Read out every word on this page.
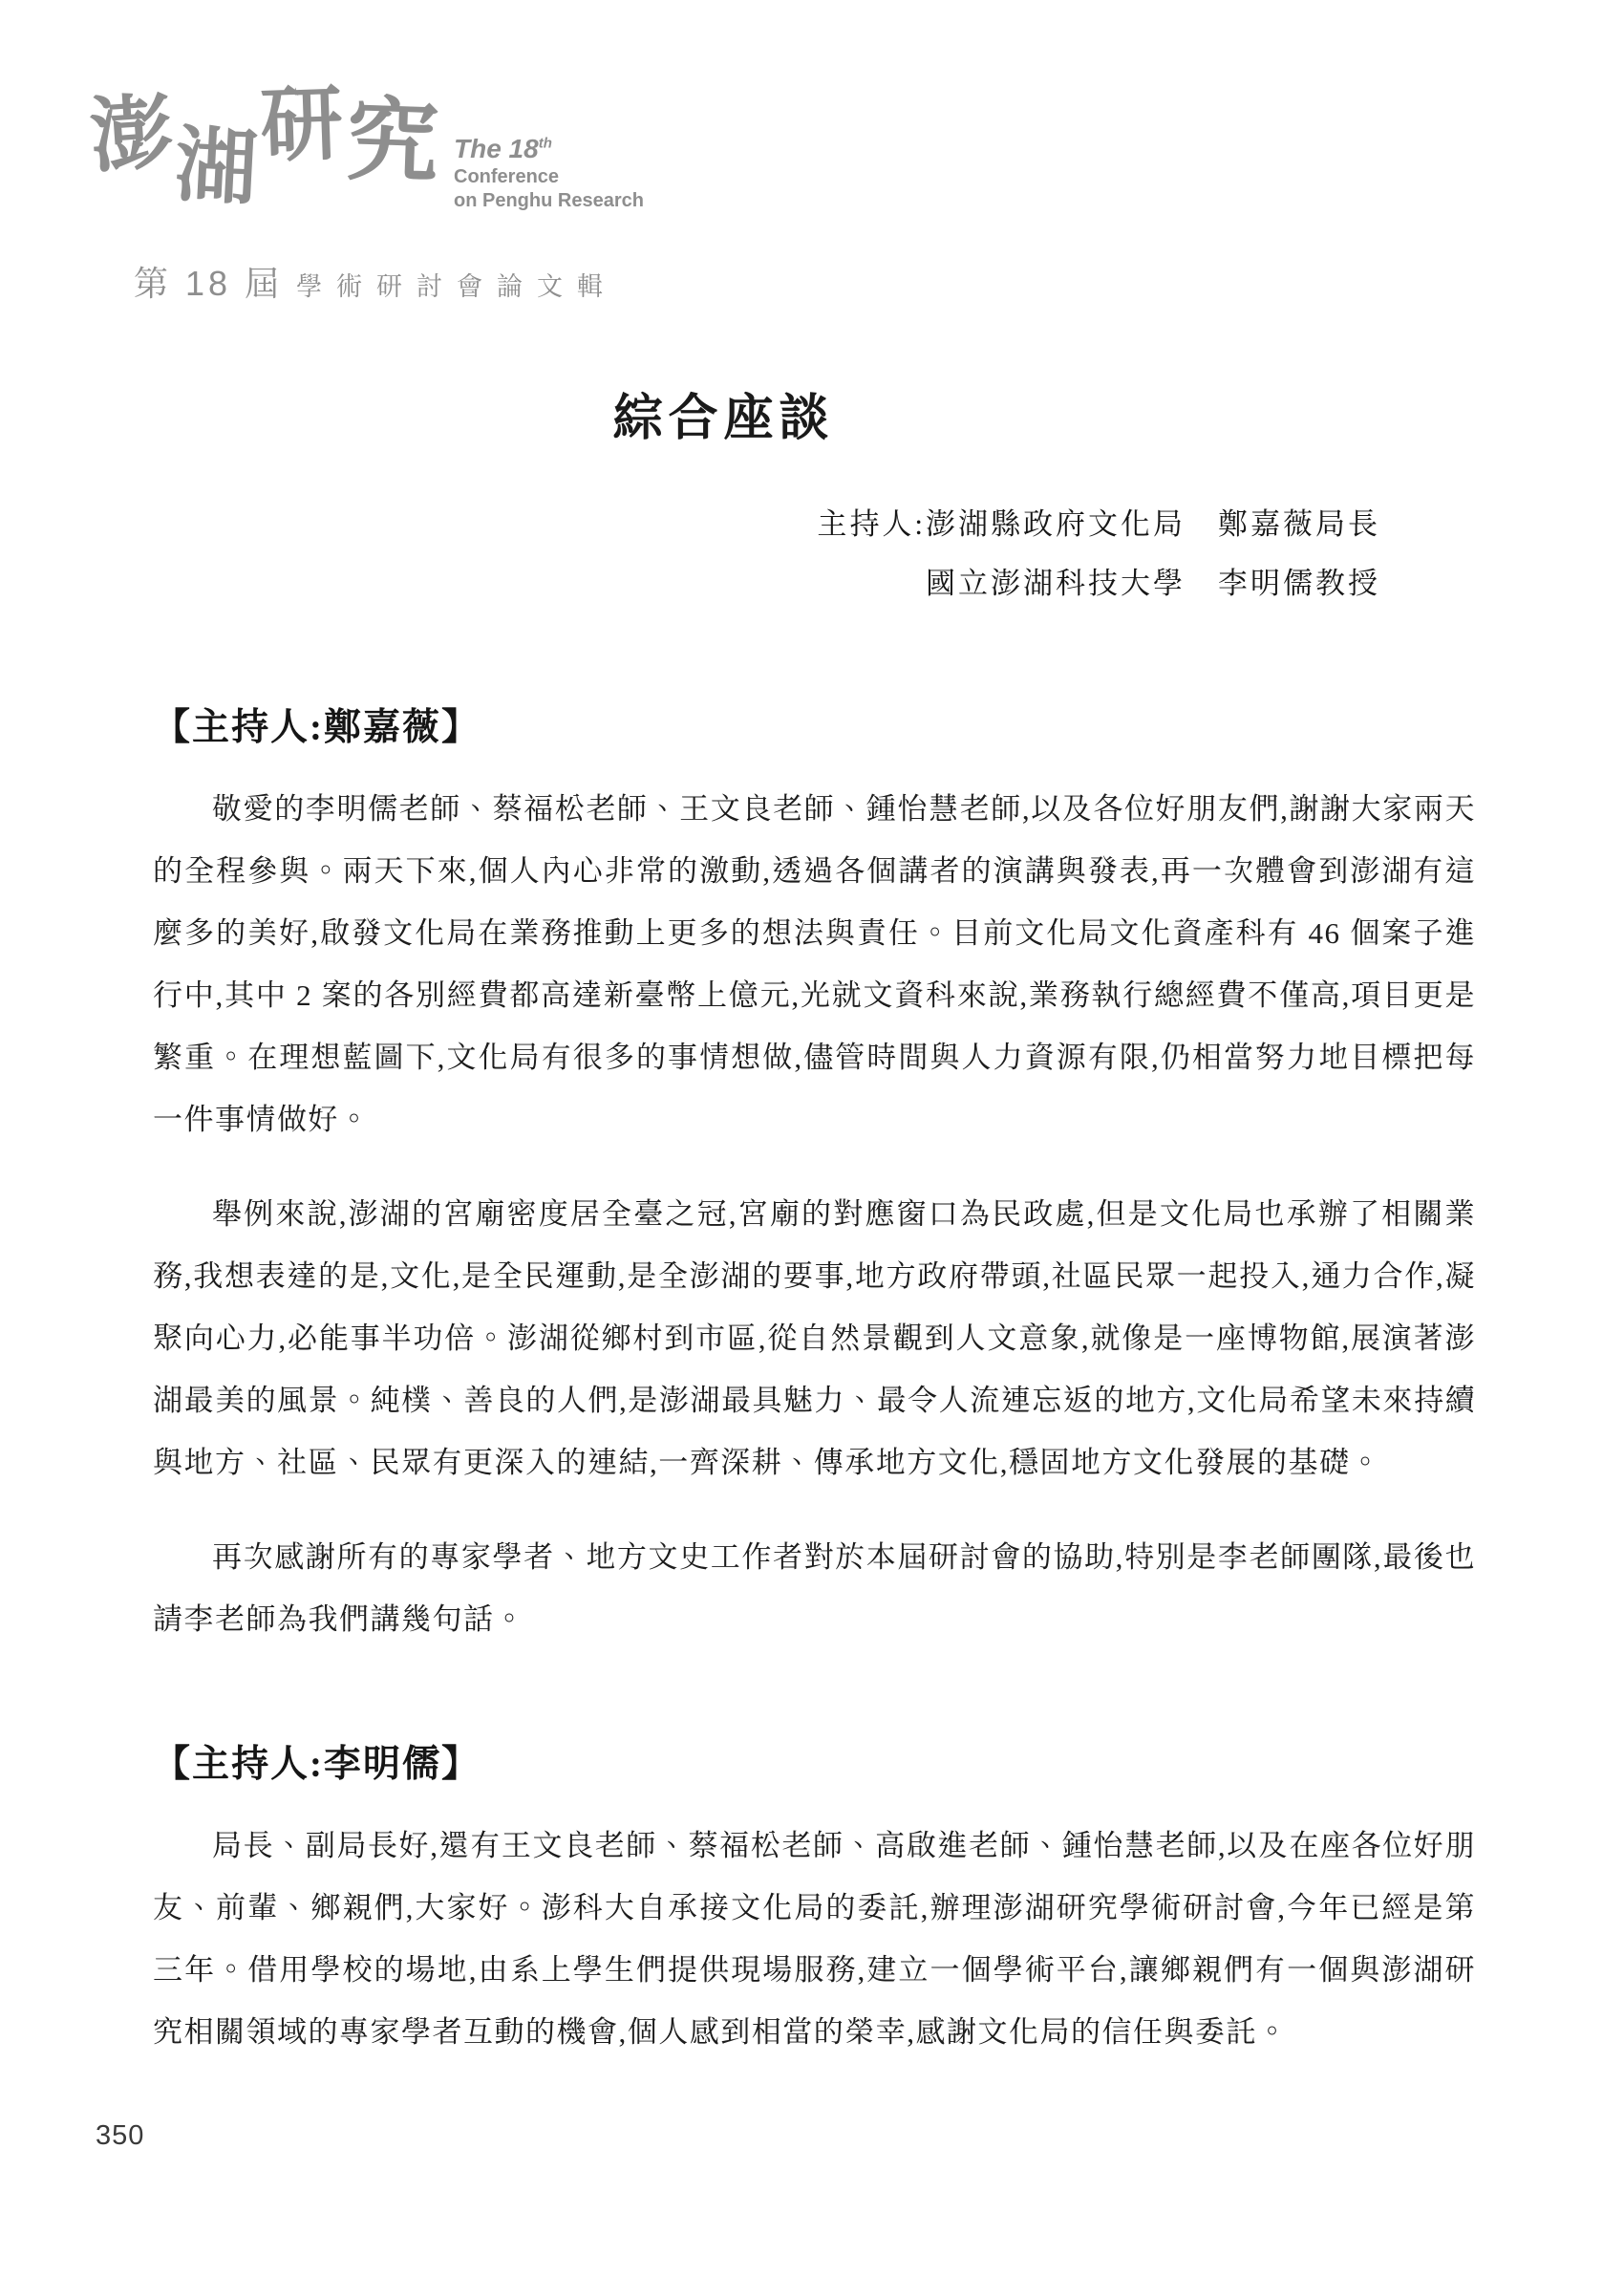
澎
湖 研 究 The 18th
Conference
on Penghu Research
第 18 屆 學術研討會論文輯
綜合座談
主持人:澎湖縣政府文化局　鄭嘉薇局長
國立澎湖科技大學　李明儒教授
【主持人:鄭嘉薇】

敬愛的李明儒老師、蔡福松老師、王文良老師、鍾怡慧老師,以及各位好朋友們,謝謝大家兩天的全程參與。兩天下來,個人內心非常的激動,透過各個講者的演講與發表,再一次體會到澎湖有這麼多的美好,啟發文化局在業務推動上更多的想法與責任。目前文化局文化資產科有 46 個案子進行中,其中 2 案的各別經費都高達新臺幣上億元,光就文資科來說,業務執行總經費不僅高,項目更是繁重。在理想藍圖下,文化局有很多的事情想做,儘管時間與人力資源有限,仍相當努力地目標把每一件事情做好。

舉例來說,澎湖的宮廟密度居全臺之冠,宮廟的對應窗口為民政處,但是文化局也承辦了相關業務,我想表達的是,文化,是全民運動,是全澎湖的要事,地方政府帶頭,社區民眾一起投入,通力合作,凝聚向心力,必能事半功倍。澎湖從鄉村到市區,從自然景觀到人文意象,就像是一座博物館,展演著澎湖最美的風景。純樸、善良的人們,是澎湖最具魅力、最令人流連忘返的地方,文化局希望未來持續與地方、社區、民眾有更深入的連結,一齊深耕、傳承地方文化,穩固地方文化發展的基礎。

再次感謝所有的專家學者、地方文史工作者對於本屆研討會的協助,特別是李老師團隊,最後也請李老師為我們講幾句話。

【主持人:李明儒】

局長、副局長好,還有王文良老師、蔡福松老師、高啟進老師、鍾怡慧老師,以及在座各位好朋友、前輩、鄉親們,大家好。澎科大自承接文化局的委託,辦理澎湖研究學術研討會,今年已經是第三年。借用學校的場地,由系上學生們提供現場服務,建立一個學術平台,讓鄉親們有一個與澎湖研究相關領域的專家學者互動的機會,個人感到相當的榮幸,感謝文化局的信任與委託。

350
